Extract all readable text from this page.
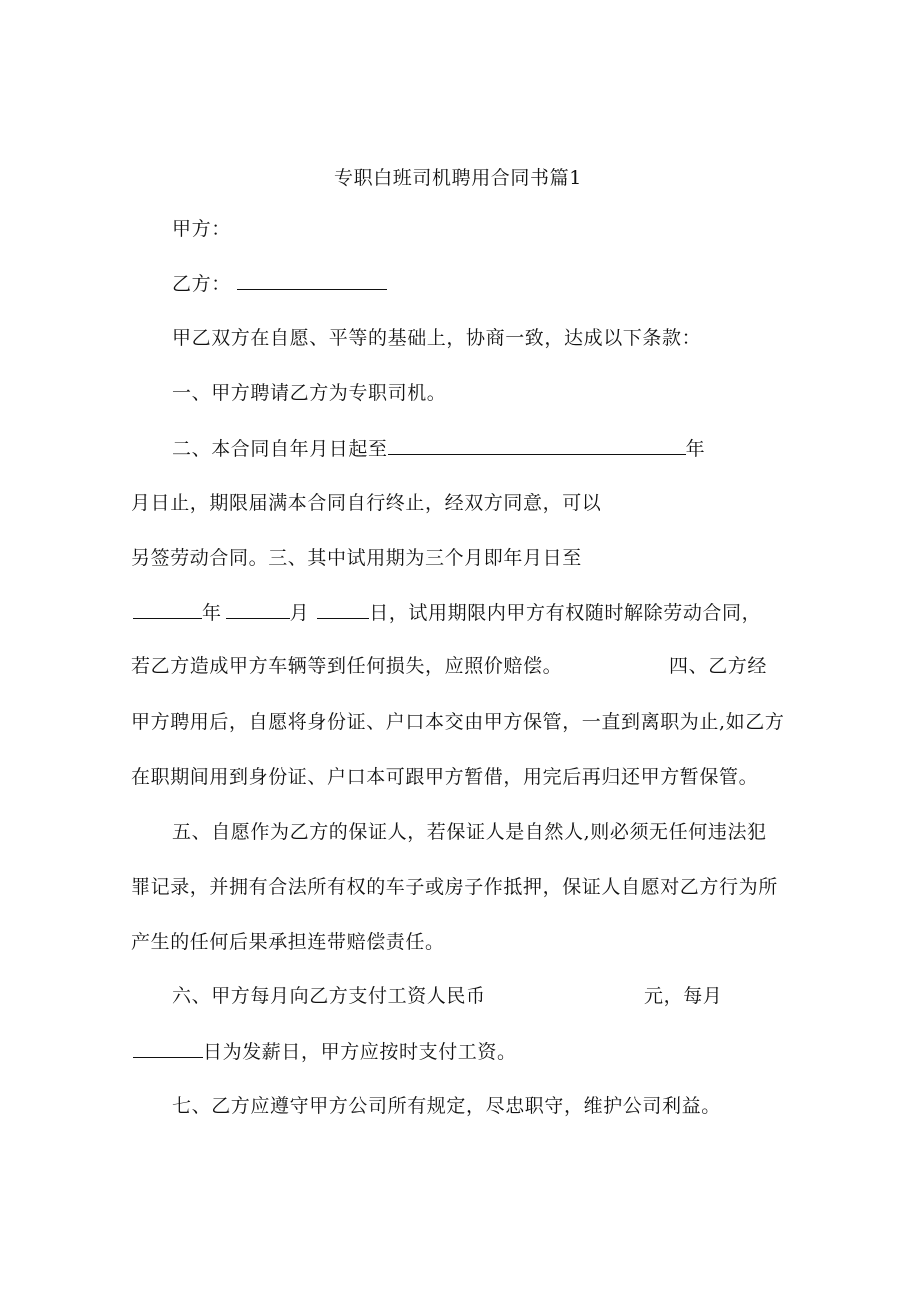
专职白班司机聘用合同书篇1
甲方：
乙方：
甲乙双方在自愿、平等的基础上，协商一致，达成以下条款：
一、甲方聘请乙方为专职司机。
二、本合同自年月日起至	年
月日止，期限届满本合同自行终止，经双方同意，可以
另签劳动合同。三、其中试用期为三个月即年月日至
年	月	日，试用期限内甲方有权随时解除劳动合同，
若乙方造成甲方车辆等到任何损失，应照价赔偿。	四、乙方经
甲方聘用后，自愿将身份证、户口本交由甲方保管，一直到离职为止,如乙方
在职期间用到身份证、户口本可跟甲方暂借，用完后再归还甲方暂保管。
五、自愿作为乙方的保证人，若保证人是自然人,则必须无任何违法犯
罪记录，并拥有合法所有权的车子或房子作抵押，保证人自愿对乙方行为所
产生的任何后果承担连带赔偿责任。
六、甲方每月向乙方支付工资人民币	元，每月
日为发薪日，甲方应按时支付工资。
七、乙方应遵守甲方公司所有规定，尽忠职守，维护公司利益。
